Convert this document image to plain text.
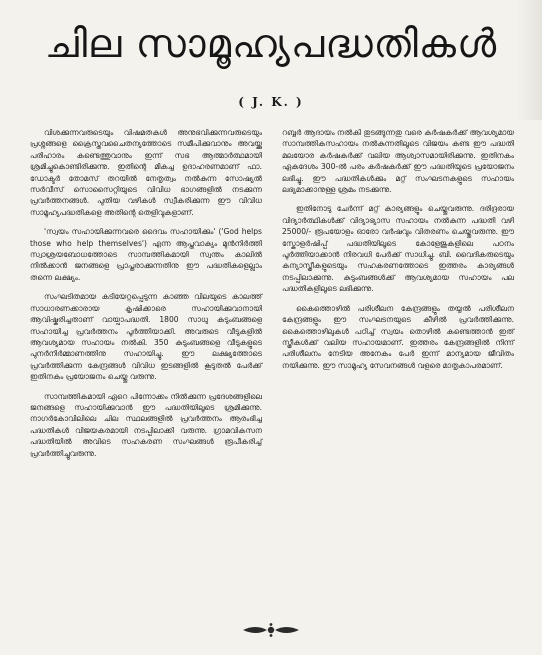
ചില സാമൂഹ്യപദ്ധതികൾ
( J. K. )

വിശക്കുന്നവരുടെയും വിഷമതകൾ അനുഭവിക്കുന്നവരുടെയും പ്രശ്നങ്ങളെ ക്രൈസ്തവചൈതന്യത്തോടെ സമീപിക്കുവാനും അവയ്ക്കു പരിഹാരം കണ്ടെത്തുവാനും ഇന്ന് സഭ ആത്മാർത്ഥമായി ശ്രമിച്ചുകൊണ്ടിരിക്കുന്നു. ഇതിന്റെ മികച്ച ഉദാഹരണമാണ് ഫാ. ഡോക്ടർ തോമസ് തറയിൽ നേതൃത്വം നൽകുന്ന സോഷ്യൽ സർവീസ് സൊസൈറ്റിയുടെ വിവിധ ഭാഗങ്ങളിൽ നടക്കുന്ന പ്രവർത്തനങ്ങൾ. പുതിയ വഴികൾ സ്വീകരിക്കുന്ന ഈ വിവിധ സാമൂഹ്യപദ്ധതികളെ അതിന്റെ തെളിവുകളാണ്.

'സ്വയം സഹായിക്കുന്നവരെ ദൈവം സഹായിക്കും' ('God helps those who help themselves') എന്ന ആപ്തവാക്യം മുൻനിർത്തി സ്വാശ്രയബോധത്തോടെ സാമ്പത്തികമായി സ്വന്തം കാലിൽ നിൽക്കാൻ ജനങ്ങളെ പ്രാപ്തരാക്കുന്നതിനു ഈ പദ്ധതികളെല്ലാം തന്നെ ലക്ഷ്യം.

സംഘടിതമായ കടിയേറ്റപ്പെടുന്ന കാഞ്ഞ വിലയുടെ കാലത്ത് സാധാരണക്കാരായ കൃഷിക്കാരെ സഹായിക്കുവാനായി ആവിഷ്കരിച്ചതാണ് വായ്പാപദ്ധതി. 1800 സാധു കുടുംബങ്ങളെ സഹായിച്ച പ്രവർത്തനം പൂർത്തിയാക്കി. അവരുടെ വീടുകളിൽ ആവശ്യമായ സഹായം നൽകി. 350 കുടുംബങ്ങളെ വീടുകളുടെ പുനർനിർമ്മാണത്തിനു സഹായിച്ചു. ഈ ലക്ഷ്യത്തോടെ പ്രവർത്തിക്കുന്ന കേന്ദ്രങ്ങൾ വിവിധ ഇടങ്ങളിൽ കൂടുതൽ പേർക്ക് ഇതിനകം പ്രയോജനം ചെയ്തു വരുന്നു.

സാമ്പത്തികമായി ഏറെ പിന്നോക്കം നിൽക്കുന്ന പ്രദേശങ്ങളിലെ ജനങ്ങളെ സഹായിക്കുവാൻ ഈ പദ്ധതിയിലൂടെ ശ്രമിക്കുന്നു. നാഗർകോവിലിലെ ചില സ്ഥലങ്ങളിൽ പ്രവർത്തനം ആരംഭിച്ച പദ്ധതികൾ വിജയകരമായി നടപ്പിലാക്കി വരുന്നു. ഗ്രാമവികസന പദ്ധതിയിൽ അവിടെ സഹകരണ സംഘങ്ങൾ രൂപീകരിച്ച് പ്രവർത്തിച്ചുവരുന്നു.

റബ്ബർ ആദായം നൽകി തുടങ്ങുന്നതു വരെ കർഷകർക്ക് ആവശ്യമായ സാമ്പത്തികസഹായം നൽകുന്നതിലൂടെ വിജയം കണ്ട ഈ പദ്ധതി മലയോര കർഷകർക്ക് വലിയ ആശ്വാസമായിരിക്കുന്നു. ഇതിനകം ഏകദേശം 300-ൽ പരം കർഷകർക്ക് ഈ പദ്ധതിയുടെ പ്രയോജനം ലഭിച്ചു. ഈ പദ്ധതികൾക്കും മറ്റ് സംഘടനകളുടെ സഹായം ലഭ്യമാക്കാനുള്ള ശ്രമം നടക്കുന്നു.

ഇതിനോടു ചേർന്ന് മറ്റ് കാര്യങ്ങളും ചെയ്തുവരുന്നു. ദരിദ്രരായ വിദ്യാർത്ഥികൾക്ക് വിദ്യാഭ്യാസ സഹായം നൽകുന്ന പദ്ധതി വഴി 25000/- രൂപയോളം ഓരോ വർഷവും വിതരണം ചെയ്തുവരുന്നു. ഈ സ്കോളർഷിപ്പ് പദ്ധതിയിലൂടെ കോളേജുകളിലെ പഠനം പൂർത്തിയാക്കാൻ നിരവധി പേർക്ക് സാധിച്ചു. ബി. വൈദികരുടെയും കന്യാസ്ത്രീകളുടെയും സഹകരണത്തോടെ ഇത്തരം കാര്യങ്ങൾ നടപ്പിലാക്കുന്നു. കുടുംബങ്ങൾക്ക് ആവശ്യമായ സഹായം പല പദ്ധതികളിലൂടെ ലഭിക്കുന്നു.

കൈത്തൊഴിൽ പരിശീലന കേന്ദ്രങ്ങളും തയ്യൽ പരിശീലന കേന്ദ്രങ്ങളും ഈ സംഘടനയുടെ കീഴിൽ പ്രവർത്തിക്കുന്നു. കൈത്തൊഴിലുകൾ പഠിച്ച് സ്വയം തൊഴിൽ കണ്ടെത്താൻ ഇത് സ്ത്രീകൾക്ക് വലിയ സഹായമാണ്. ഇത്തരം കേന്ദ്രങ്ങളിൽ നിന്ന് പരിശീലനം നേടിയ അനേകം പേർ ഇന്ന് മാന്യമായ ജീവിതം നയിക്കുന്നു. ഈ സാമൂഹ്യ സേവനങ്ങൾ വളരെ മാതൃകാപരമാണ്.
